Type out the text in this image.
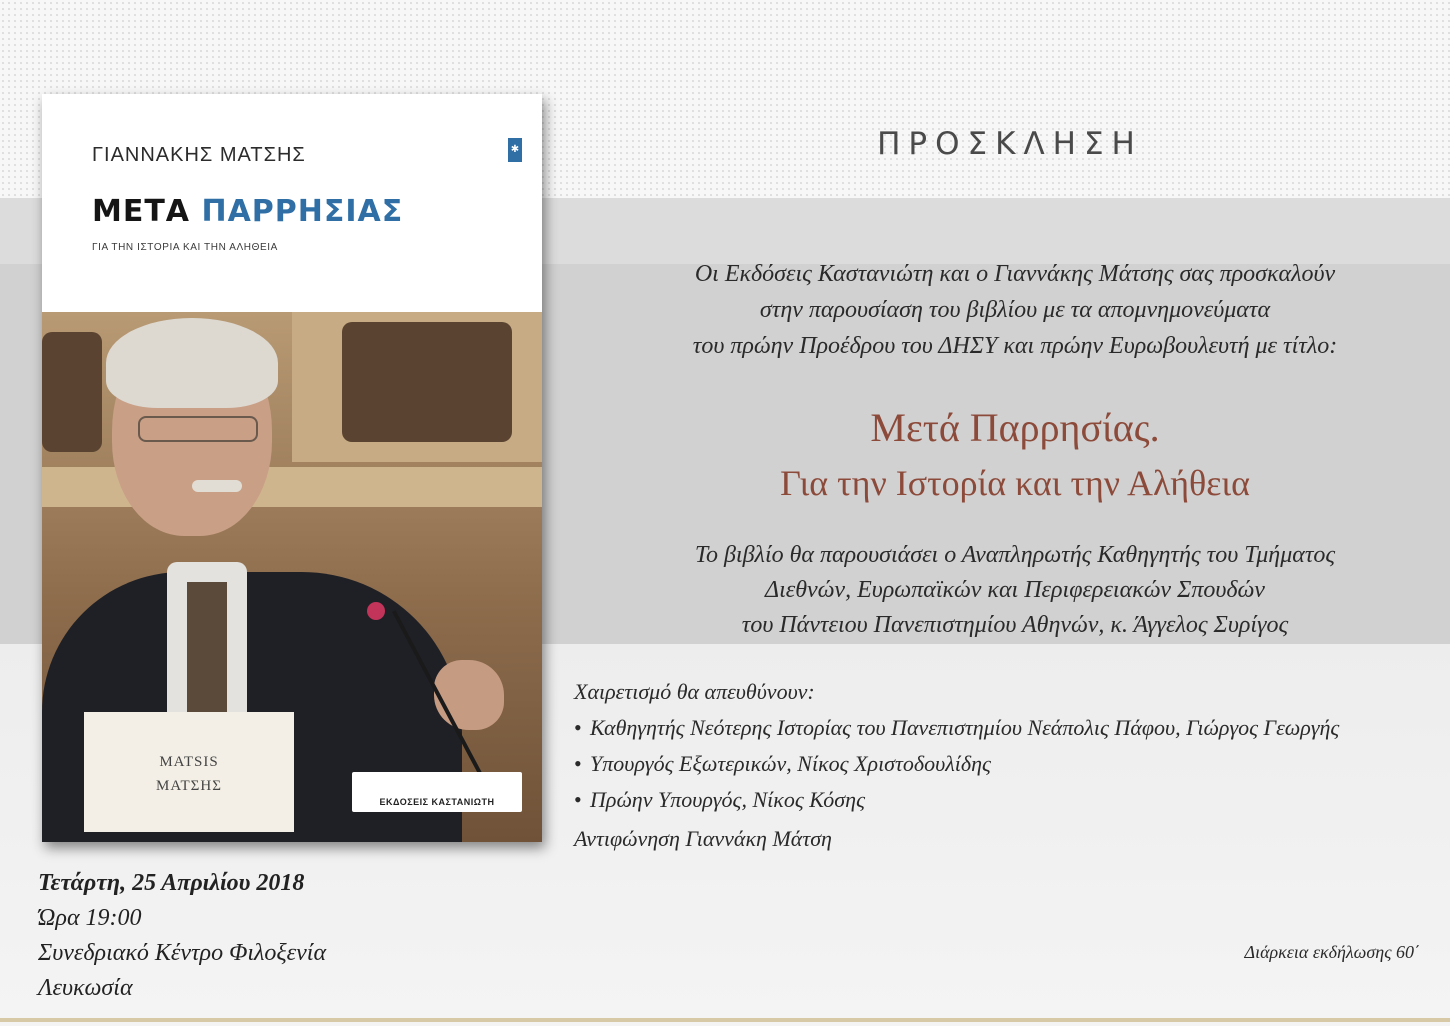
ΓΙΑΝΝΑΚΗΣ ΜΑΤΣΗΣ	✱
ΜΕΤΑ ΠΑΡΡΗΣΙΑΣ
ΓΙΑ ΤΗΝ ΙΣΤΟΡΙΑ ΚΑΙ ΤΗΝ ΑΛΗΘΕΙΑ
MATSIS
ΜΑΤΣΗΣ
ΕΚΔΟΣΕΙΣ ΚΑΣΤΑΝΙΩΤΗ
ΠΡΟΣΚΛΗΣΗ
Οι Εκδόσεις Καστανιώτη και ο Γιαννάκης Μάτσης σας προσκαλούν
στην παρουσίαση του βιβλίου με τα απομνημονεύματα
του πρώην Προέδρου του ΔΗΣΥ και πρώην Ευρωβουλευτή με τίτλο:
Μετά Παρρησίας.
Για την Ιστορία και την Αλήθεια
Το βιβλίο θα παρουσιάσει ο Αναπληρωτής Καθηγητής του Τμήματος
Διεθνών, Ευρωπαϊκών και Περιφερειακών Σπουδών
του Πάντειου Πανεπιστημίου Αθηνών, κ. Άγγελος Συρίγος
Χαιρετισμό θα απευθύνουν:
• Καθηγητής Νεότερης Ιστορίας του Πανεπιστημίου Νεάπολις Πάφου, Γιώργος Γεωργής
• Υπουργός Εξωτερικών, Νίκος Χριστοδουλίδης
• Πρώην Υπουργός, Νίκος Κόσης
Αντιφώνηση Γιαννάκη Μάτση
Τετάρτη, 25 Απριλίου 2018
Ώρα 19:00
Συνεδριακό Κέντρο Φιλοξενία
Λευκωσία
Διάρκεια εκδήλωσης 60΄
